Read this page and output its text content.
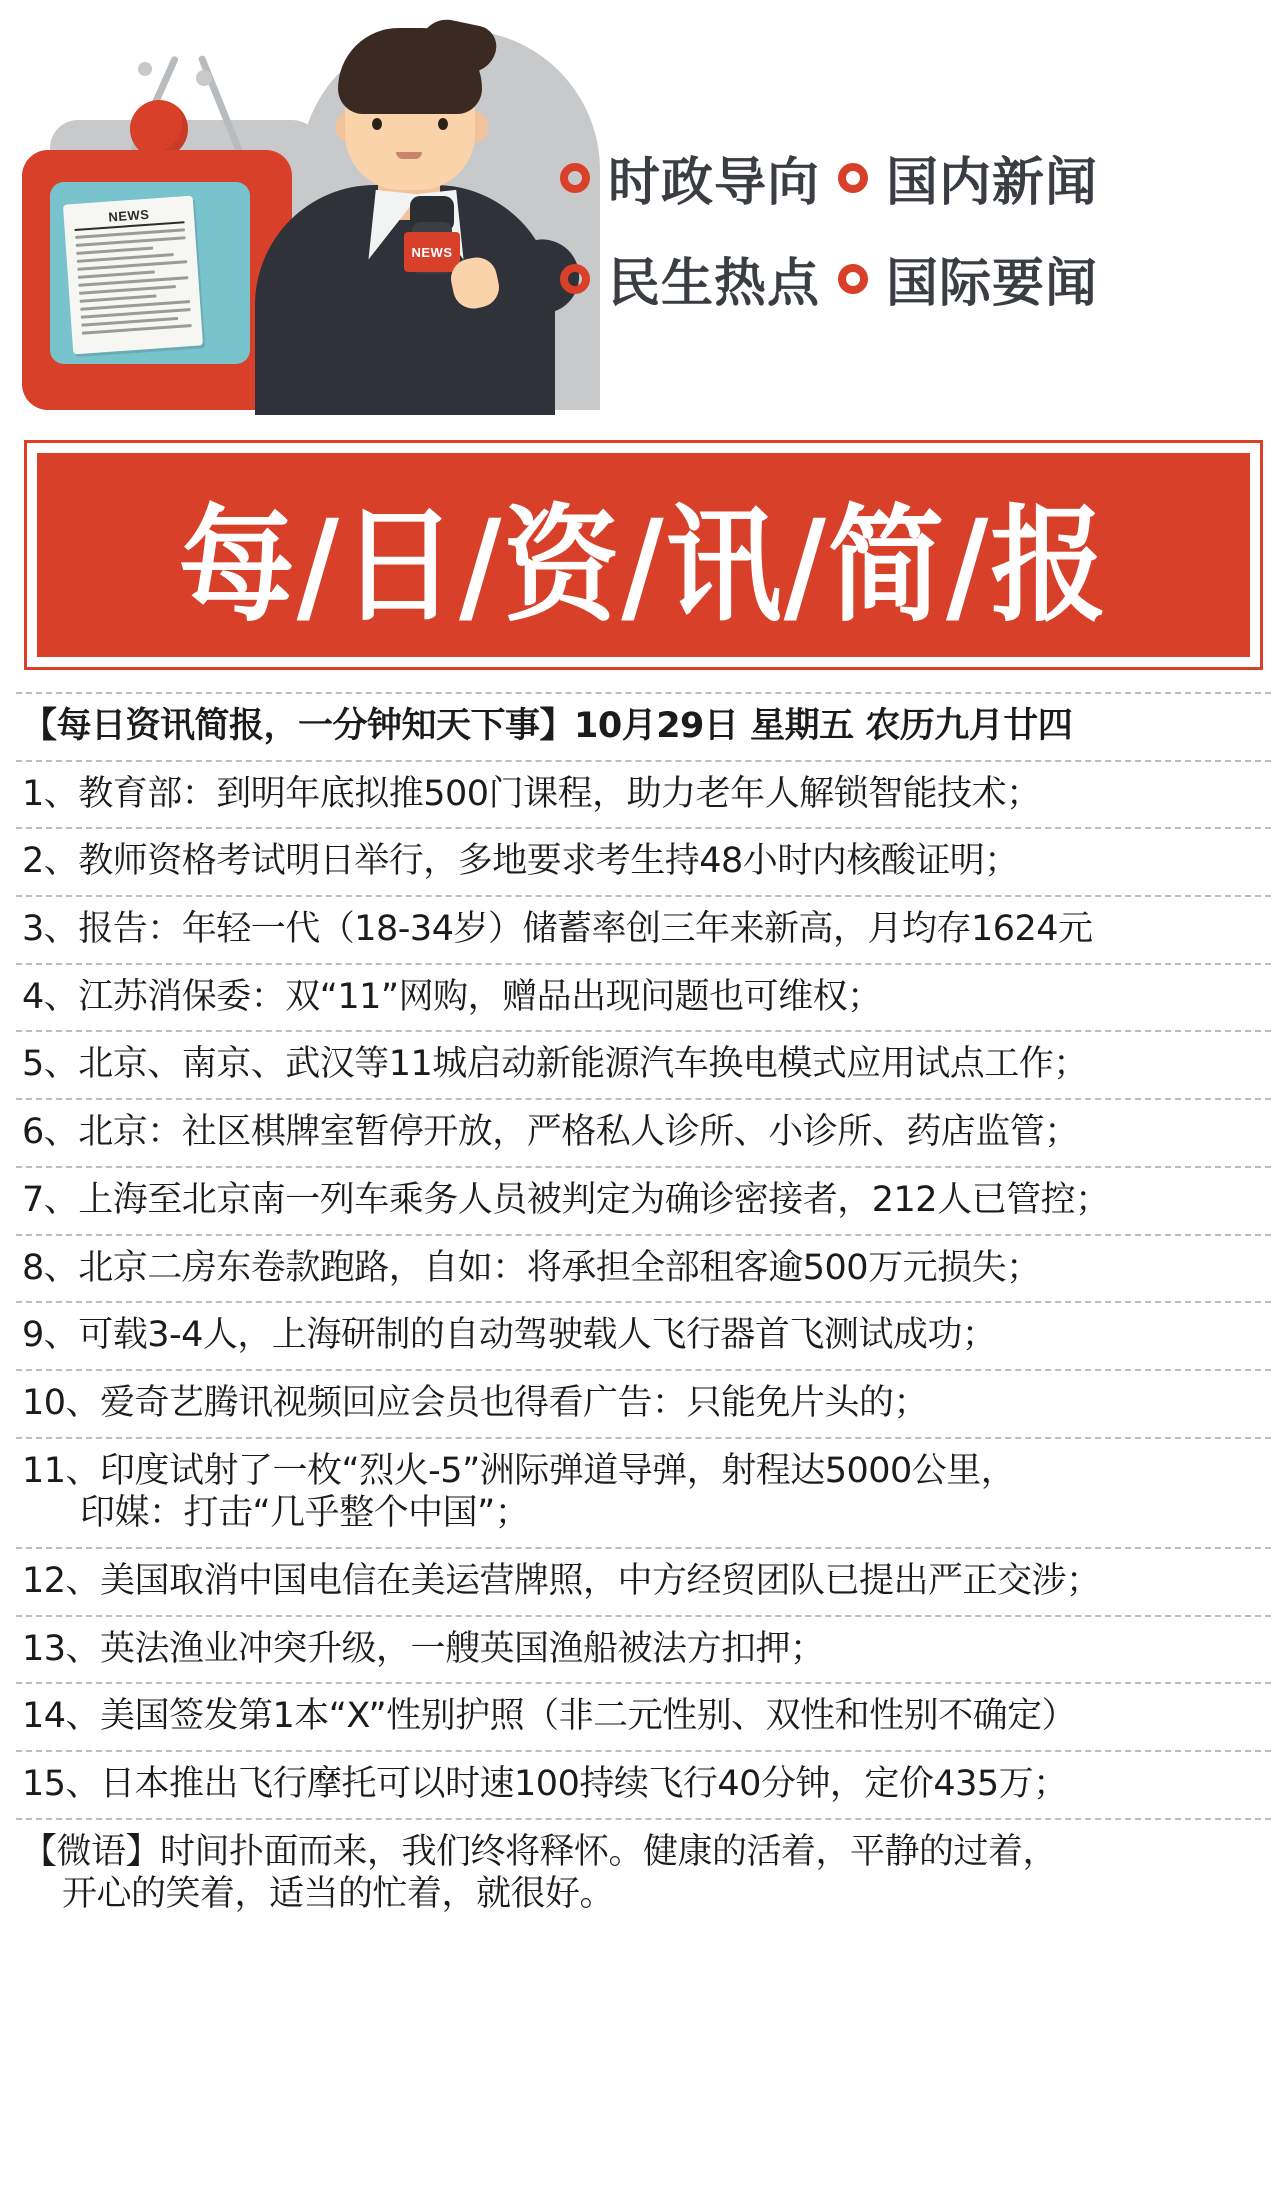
NEWS
NEWS
时政导向 国内新闻
民生热点 国际要闻
每/日/资/讯/简/报
【每日资讯简报，一分钟知天下事】10月29日 星期五 农历九月廿四
1、教育部：到明年底拟推500门课程，助力老年人解锁智能技术；
2、教师资格考试明日举行，多地要求考生持48小时内核酸证明；
3、报告：年轻一代（18-34岁）储蓄率创三年来新高，月均存1624元
4、江苏消保委：双“11”网购，赠品出现问题也可维权；
5、北京、南京、武汉等11城启动新能源汽车换电模式应用试点工作；
6、北京：社区棋牌室暂停开放，严格私人诊所、小诊所、药店监管；
7、上海至北京南一列车乘务人员被判定为确诊密接者，212人已管控；
8、北京二房东卷款跑路，自如：将承担全部租客逾500万元损失；
9、可载3-4人，上海研制的自动驾驶载人飞行器首飞测试成功；
10、爱奇艺腾讯视频回应会员也得看广告：只能免片头的；
11、印度试射了一枚“烈火-5”洲际弹道导弹，射程达5000公里，
印媒：打击“几乎整个中国”；
12、美国取消中国电信在美运营牌照，中方经贸团队已提出严正交涉；
13、英法渔业冲突升级，一艘英国渔船被法方扣押；
14、美国签发第1本“X”性别护照（非二元性别、双性和性别不确定）
15、日本推出飞行摩托可以时速100持续飞行40分钟，定价435万；
【微语】时间扑面而来，我们终将释怀。健康的活着，平静的过着，
开心的笑着，适当的忙着，就很好。
